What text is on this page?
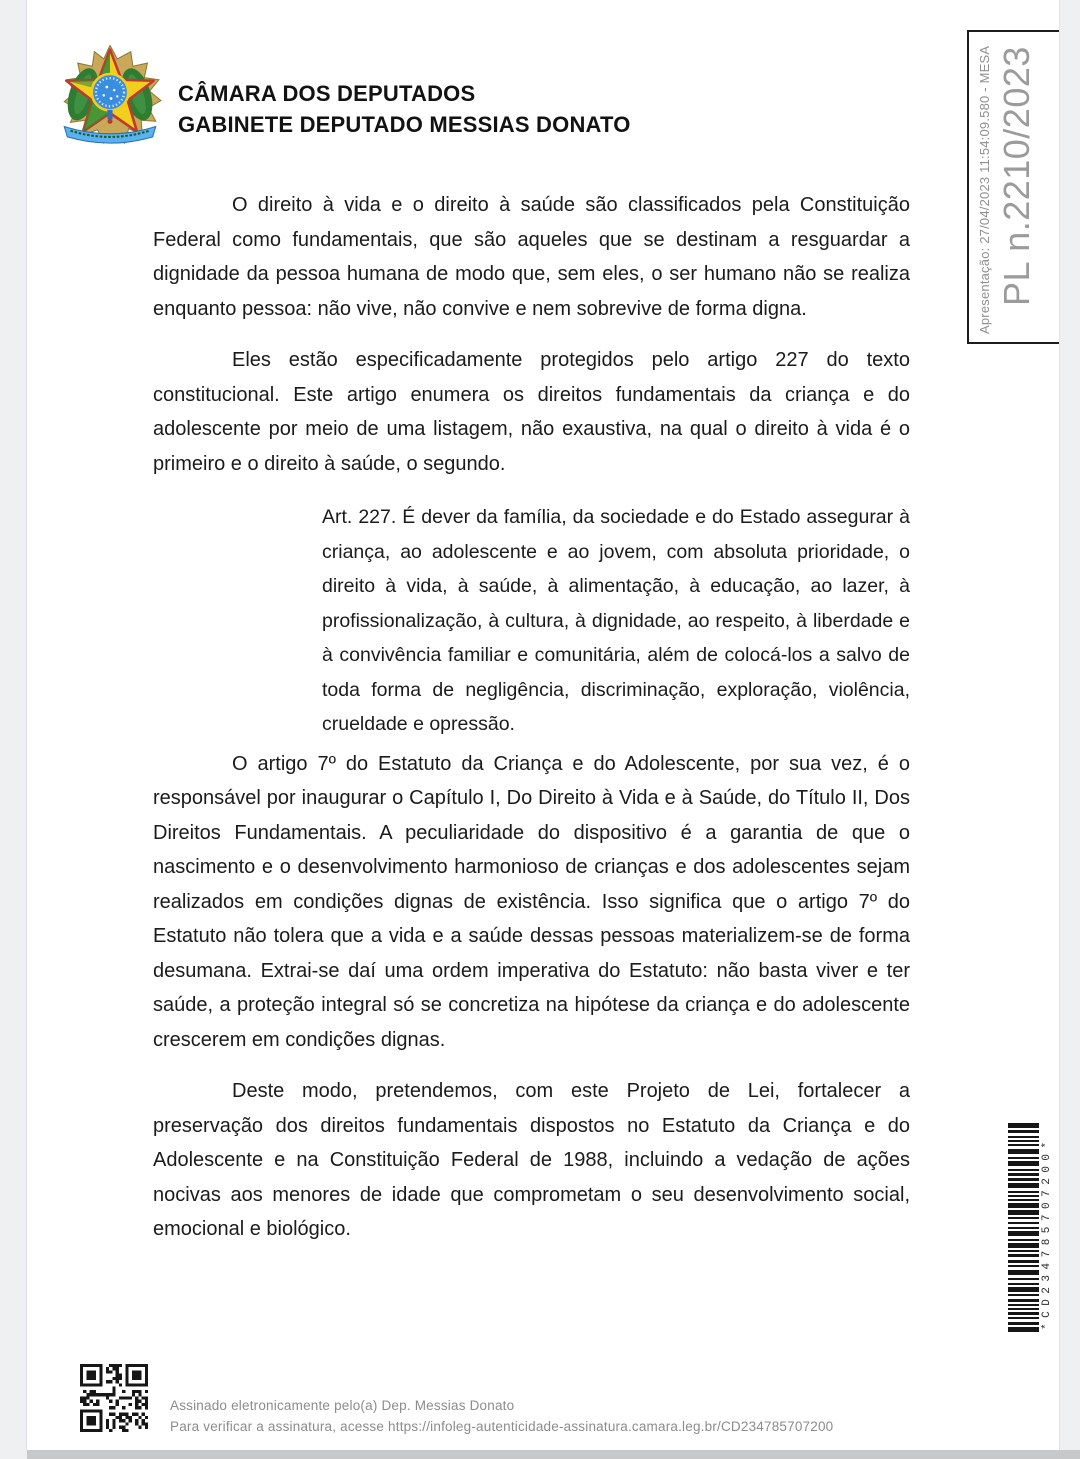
CÂMARA DOS DEPUTADOS
GABINETE DEPUTADO MESSIAS DONATO	Apresentação: 27/04/2023 11:54:09.580 - MESA PL n.2210/2023

O direito à vida e o direito à saúde são classificados pela Constituição Federal como fundamentais, que são aqueles que se destinam a resguardar a dignidade da pessoa humana de modo que, sem eles, o ser humano não se realiza enquanto pessoa: não vive, não convive e nem sobrevive de forma digna.

Eles estão especificadamente protegidos pelo artigo 227 do texto constitucional. Este artigo enumera os direitos fundamentais da criança e do adolescente por meio de uma listagem, não exaustiva, na qual o direito à vida é o primeiro e o direito à saúde, o segundo.

Art. 227. É dever da família, da sociedade e do Estado assegurar à criança, ao adolescente e ao jovem, com absoluta prioridade, o direito à vida, à saúde, à alimentação, à educação, ao lazer, à profissionalização, à cultura, à dignidade, ao respeito, à liberdade e à convivência familiar e comunitária, além de colocá-los a salvo de toda forma de negligência, discriminação, exploração, violência, crueldade e opressão.

O artigo 7º do Estatuto da Criança e do Adolescente, por sua vez, é o responsável por inaugurar o Capítulo I, Do Direito à Vida e à Saúde, do Título II, Dos Direitos Fundamentais. A peculiaridade do dispositivo é a garantia de que o nascimento e o desenvolvimento harmonioso de crianças e dos adolescentes sejam realizados em condições dignas de existência. Isso significa que o artigo 7º do Estatuto não tolera que a vida e a saúde dessas pessoas materializem-se de forma desumana. Extrai-se daí uma ordem imperativa do Estatuto: não basta viver e ter saúde, a proteção integral só se concretiza na hipótese da criança e do adolescente crescerem em condições dignas.

Deste modo, pretendemos, com este Projeto de Lei, fortalecer a preservação dos direitos fundamentais dispostos no Estatuto da Criança e do Adolescente e na Constituição Federal de 1988, incluindo a vedação de ações nocivas aos menores de idade que comprometam o seu desenvolvimento social, emocional e biológico.	*CD234785707200*
Assinado eletronicamente pelo(a) Dep. Messias Donato
Para verificar a assinatura, acesse https://infoleg-autenticidade-assinatura.camara.leg.br/CD234785707200
